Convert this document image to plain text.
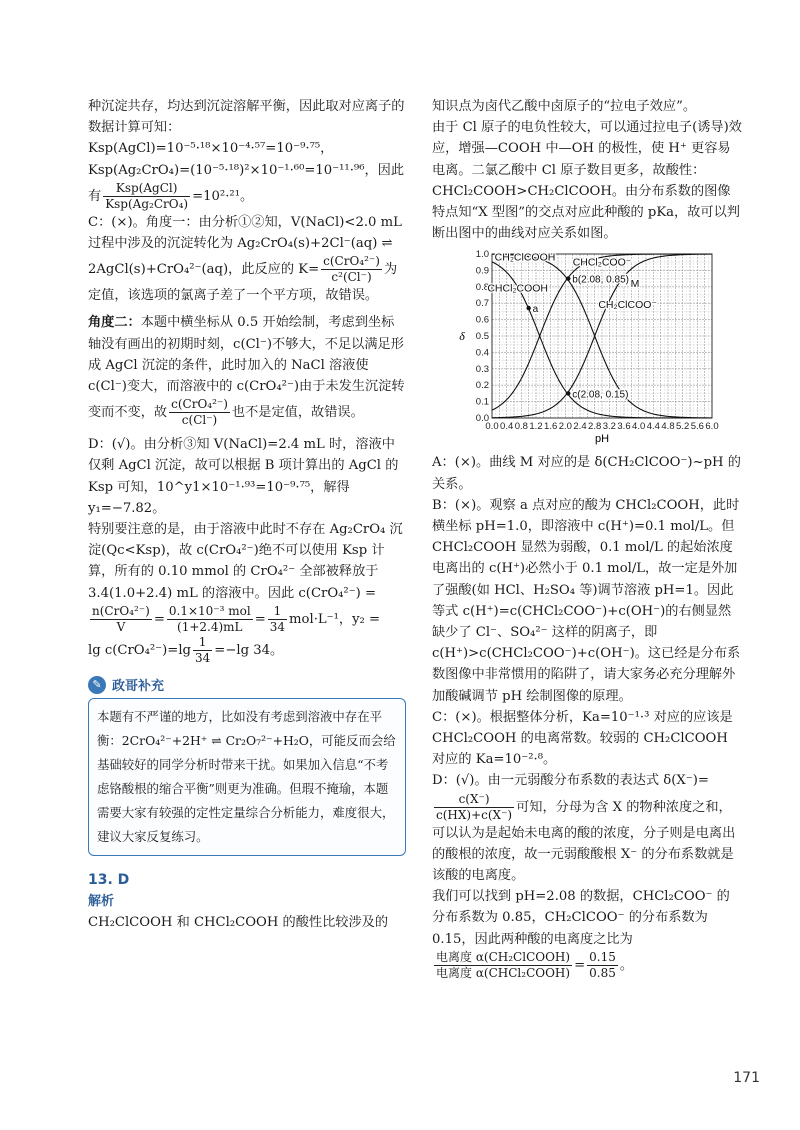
种沉淀共存，均达到沉淀溶解平衡，因此取对应离子的数据计算可知：

Ksp(AgCl)=10⁻⁵·¹⁸×10⁻⁴·⁵⁷=10⁻⁹·⁷⁵，

Ksp(Ag₂CrO₄)=(10⁻⁵·¹⁸)²×10⁻¹·⁶⁰=10⁻¹¹·⁹⁶，因此

有 $\frac{\text{Ksp(AgCl)}}{\text{Ksp(Ag₂CrO₄)}} =10^2\cdot^{21}$。

C：(×)。角度一：由分析①②知，V(NaCl)<2.0 mL过程中涉及的沉淀转化为 Ag₂CrO₄(s)+2Cl⁻(aq) ⇌ 2AgCl(s)+CrO₄²⁻(aq)，此反应的 $K= \frac{\text{c(CrO₄²⁻)}}{\text{c²(Cl⁻)}}$ 为定值，该选项的氯离子差了一个平方项，故错误。

角度二：本题中横坐标从 0.5 开始绘制，考虑到坐标轴没有画出的初期时刻，c(Cl⁻)不够大，不足以满足形成 AgCl 沉淀的条件，此时加入的 NaCl 溶液使 c(Cl⁻)变大，而溶液中的 c(CrO₄²⁻)由于未发生沉淀转变而不变，故 $\frac{\text{c(CrO₄²⁻)}}{c(Cl^-)}$ 也不是定值，故错误。

D：(√)。由分析③知 V(NaCl)=2.4 mL 时，溶液中仅剩 AgCl 沉淀，故可以根据 B 项计算出的 AgCl 的 Ksp 可知，10^y1×10⁻¹·⁹³=10⁻⁹·⁷⁵，解得 y₁=−7.82。

特别要注意的是，由于溶液中此时不存在 Ag₂CrO₄ 沉淀(Qc<Ksp)，故 c(CrO₄²⁻)绝不可以使用 Ksp 计算，所有的 0.10 mmol 的 CrO₄²⁻ 全部被释放于 3.4(1.0+2.4) mL 的溶液中。因此 c(CrO₄²⁻) =

$\frac{\text{n(CrO₄²⁻)}}{V} = \frac{\text{0.1×10⁻³ mol}}{(1+2.4)mL} = \frac{1}{34} mol\cdot L^{-1}$，y₂ =

$\lg c(CrO_4^{2-})=\lg \frac{1}{34} =-\lg$ 34。

✎ 政哥补充
本题有不严谨的地方，比如没有考虑到溶液中存在平衡：2CrO₄²⁻+2H⁺ ⇌ Cr₂O₇²⁻+H₂O，可能反而会给基础较好的同学分析时带来干扰。如果加入信息“不考虑铬酸根的缩合平衡”则更为准确。但瑕不掩瑜，本题需要大家有较强的定性定量综合分析能力，难度很大，建议大家反复练习。
13. D
解析

CH₂ClCOOH 和 CHCl₂COOH 的酸性比较涉及的

知识点为卤代乙酸中卤原子的“拉电子效应”。

由于 Cl 原子的电负性较大，可以通过拉电子(诱导)效应，增强—COOH 中—OH 的极性，使 H⁺ 更容易电离。二氯乙酸中 Cl 原子数目更多，故酸性：CHCl₂COOH>CH₂ClCOOH。由分布系数的图像特点知“X 型图”的交点对应此种酸的 pKa，故可以判断出图中的曲线对应关系如图。

0.0 0.4 0.8 1.2 1.6 2.0 2.4 2.8 3.2 3.6 4.0 4.4 4.8 5.2 5.6 6.0
0.0
0.1
0.2
0.3
0.4
0.5
0.6
0.7
0.8
0.9
1.0
pH
δ
CH₂ClCOOH CHCl₂COO⁻
CHCl₂COOH	M
CH₂ClCOO⁻
a
b(2.08, 0.85)
c(2.08, 0.15)

A：(×)。曲线 M 对应的是 δ(CH₂ClCOO⁻)~pH 的关系。

B：(×)。观察 a 点对应的酸为 CHCl₂COOH，此时横坐标 pH=1.0，即溶液中 c(H⁺)=0.1 mol/L。但 CHCl₂COOH 显然为弱酸，0.1 mol/L 的起始浓度电离出的 c(H⁺)必然小于 0.1 mol/L，故一定是外加了强酸(如 HCl、H₂SO₄ 等)调节溶液 pH=1。因此等式 c(H⁺)=c(CHCl₂COO⁻)+c(OH⁻)的右侧显然缺少了 Cl⁻、SO₄²⁻ 这样的阴离子，即 c(H⁺)>c(CHCl₂COO⁻)+c(OH⁻)。这已经是分布系数图像中非常惯用的陷阱了，请大家务必充分理解外加酸碱调节 pH 绘制图像的原理。

C：(×)。根据整体分析，Ka=10⁻¹·³ 对应的应该是 CHCl₂COOH 的电离常数。较弱的 CH₂ClCOOH 对应的 Ka=10⁻²·⁸。

D：(√)。由一元弱酸分布系数的表达式 δ(X⁻)=
$\frac{c(X^-)}{c(HX)+c(X^-)}$ 可知，分母为含 X 的物种浓度之和，可以认为是起始未电离的酸的浓度，分子则是电离出的酸根的浓度，故一元弱酸酸根 X⁻ 的分布系数就是该酸的电离度。

我们可以找到 pH=2.08 的数据，CHCl₂COO⁻ 的分布系数为 0.85，CH₂ClCOO⁻ 的分布系数为 0.15，因此两种酸的电离度之比为

$\frac{\text{电离度 α(CH₂ClCOOH)}}{\text{电离度 α(CHCl₂COOH)}} = \frac{0.15}{0.85}$ 。

171
